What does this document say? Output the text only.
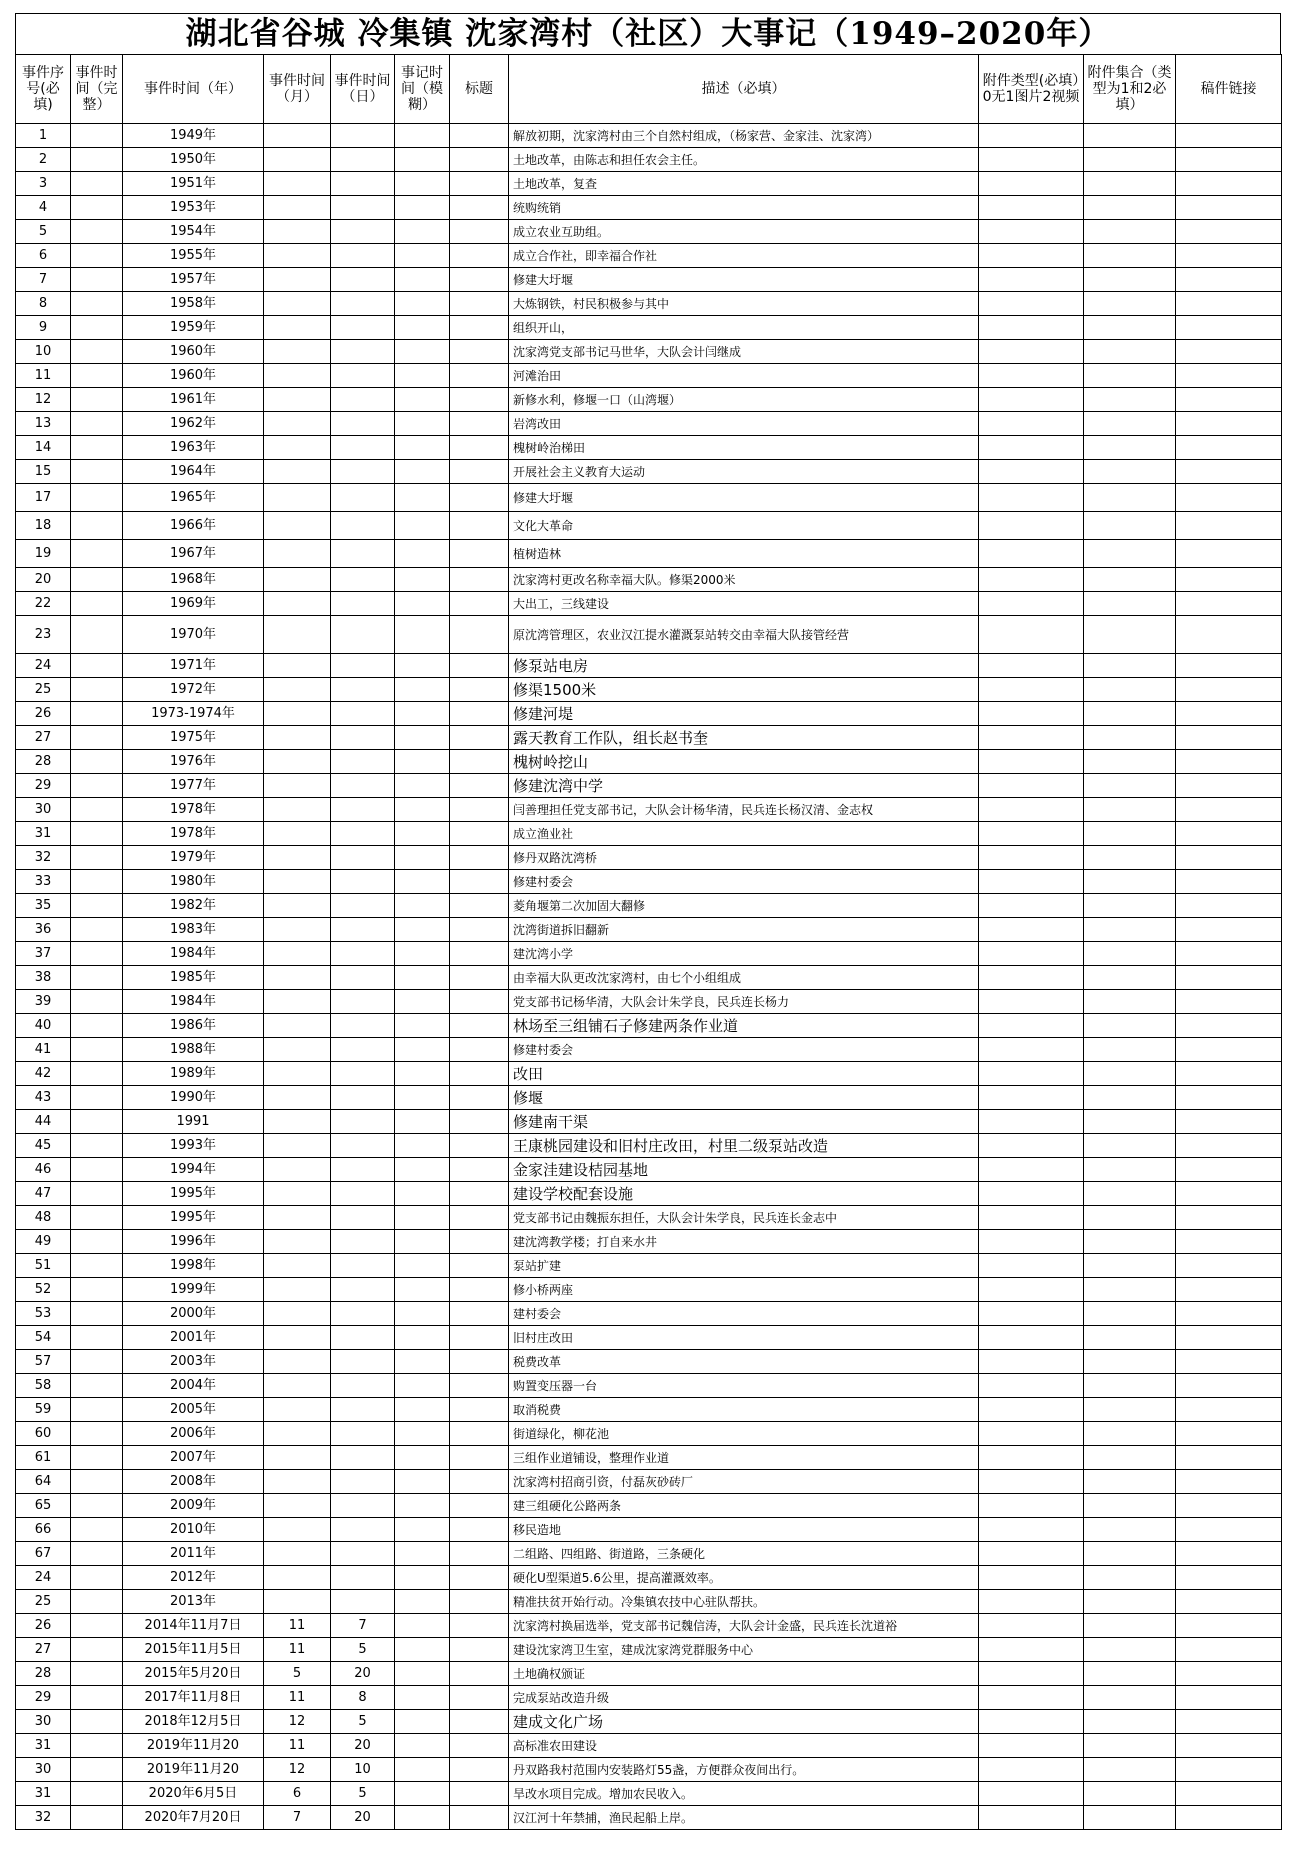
湖北省谷城 冷集镇 沈家湾村（社区）大事记（1949–2020年）
事件序号(必填)	事件时间（完整）	事件时间（年）	事件时间（月）	事件时间（日）	事记时间（模糊）	标题	描述（必填）	附件类型(必填）0无1图片2视频	附件集合（类型为1和2必填）	稿件链接
1		1949年					解放初期，沈家湾村由三个自然村组成，（杨家营、金家洼、沈家湾）			
2		1950年					土地改革，由陈志和担任农会主任。			
3		1951年					土地改革，复查			
4		1953年					统购统销			
5		1954年					成立农业互助组。			
6		1955年					成立合作社，即幸福合作社			
7		1957年					修建大圩堰			
8		1958年					大炼钢铁，村民积极参与其中			
9		1959年					组织开山，			
10		1960年					沈家湾党支部书记马世华，大队会计闫继成			
11		1960年					河滩治田			
12		1961年					新修水利，修堰一口（山湾堰）			
13		1962年					岩湾改田			
14		1963年					槐树岭治梯田			
15		1964年					开展社会主义教育大运动			
17		1965年					修建大圩堰			
18		1966年					文化大革命			
19		1967年					植树造林			
20		1968年					沈家湾村更改名称幸福大队。修渠2000米			
22		1969年					大出工，三线建设			
23		1970年					原沈湾管理区，农业汉江提水灌溉泵站转交由幸福大队接管经营			
24		1971年					修泵站电房			
25		1972年					修渠1500米			
26		1973-1974年					修建河堤			
27		1975年					露天教育工作队，组长赵书奎			
28		1976年					槐树岭挖山			
29		1977年					修建沈湾中学			
30		1978年					闫善理担任党支部书记，大队会计杨华清，民兵连长杨汉清、金志权			
31		1978年					成立渔业社			
32		1979年					修丹双路沈湾桥			
33		1980年					修建村委会			
35		1982年					菱角堰第二次加固大翻修			
36		1983年					沈湾街道拆旧翻新			
37		1984年					建沈湾小学			
38		1985年					由幸福大队更改沈家湾村，由七个小组组成			
39		1984年					党支部书记杨华清，大队会计朱学良，民兵连长杨力			
40		1986年					林场至三组铺石子修建两条作业道			
41		1988年					修建村委会			
42		1989年					改田			
43		1990年					修堰			
44		1991					修建南干渠			
45		1993年					王康桃园建设和旧村庄改田，村里二级泵站改造			
46		1994年					金家洼建设桔园基地			
47		1995年					建设学校配套设施			
48		1995年					党支部书记由魏振东担任，大队会计朱学良，民兵连长金志中			
49		1996年					建沈湾教学楼；打自来水井			
51		1998年					泵站扩建			
52		1999年					修小桥两座			
53		2000年					建村委会			
54		2001年					旧村庄改田			
57		2003年					税费改革			
58		2004年					购置变压器一台			
59		2005年					取消税费			
60		2006年					街道绿化，柳花池			
61		2007年					三组作业道铺设，整理作业道			
64		2008年					沈家湾村招商引资，付磊灰砂砖厂			
65		2009年					建三组硬化公路两条			
66		2010年					移民造地			
67		2011年					二组路、四组路、街道路，三条硬化			
24		2012年					硬化U型渠道5.6公里，提高灌溉效率。			
25		2013年					精准扶贫开始行动。冷集镇农技中心驻队帮扶。			
26		2014年11月7日	11	7			沈家湾村换届选举，党支部书记魏信涛，大队会计金盛，民兵连长沈道裕			
27		2015年11月5日	11	5			建设沈家湾卫生室，建成沈家湾党群服务中心			
28		2015年5月20日	5	20			土地确权颁证			
29		2017年11月8日	11	8			完成泵站改造升级			
30		2018年12月5日	12	5			建成文化广场			
31		2019年11月20	11	20			高标准农田建设			
30		2019年11月20	12	10			丹双路我村范围内安装路灯55盏，方便群众夜间出行。			
31		2020年6月5日	6	5			旱改水项目完成。增加农民收入。			
32		2020年7月20日	7	20			汉江河十年禁捕，渔民起船上岸。			
